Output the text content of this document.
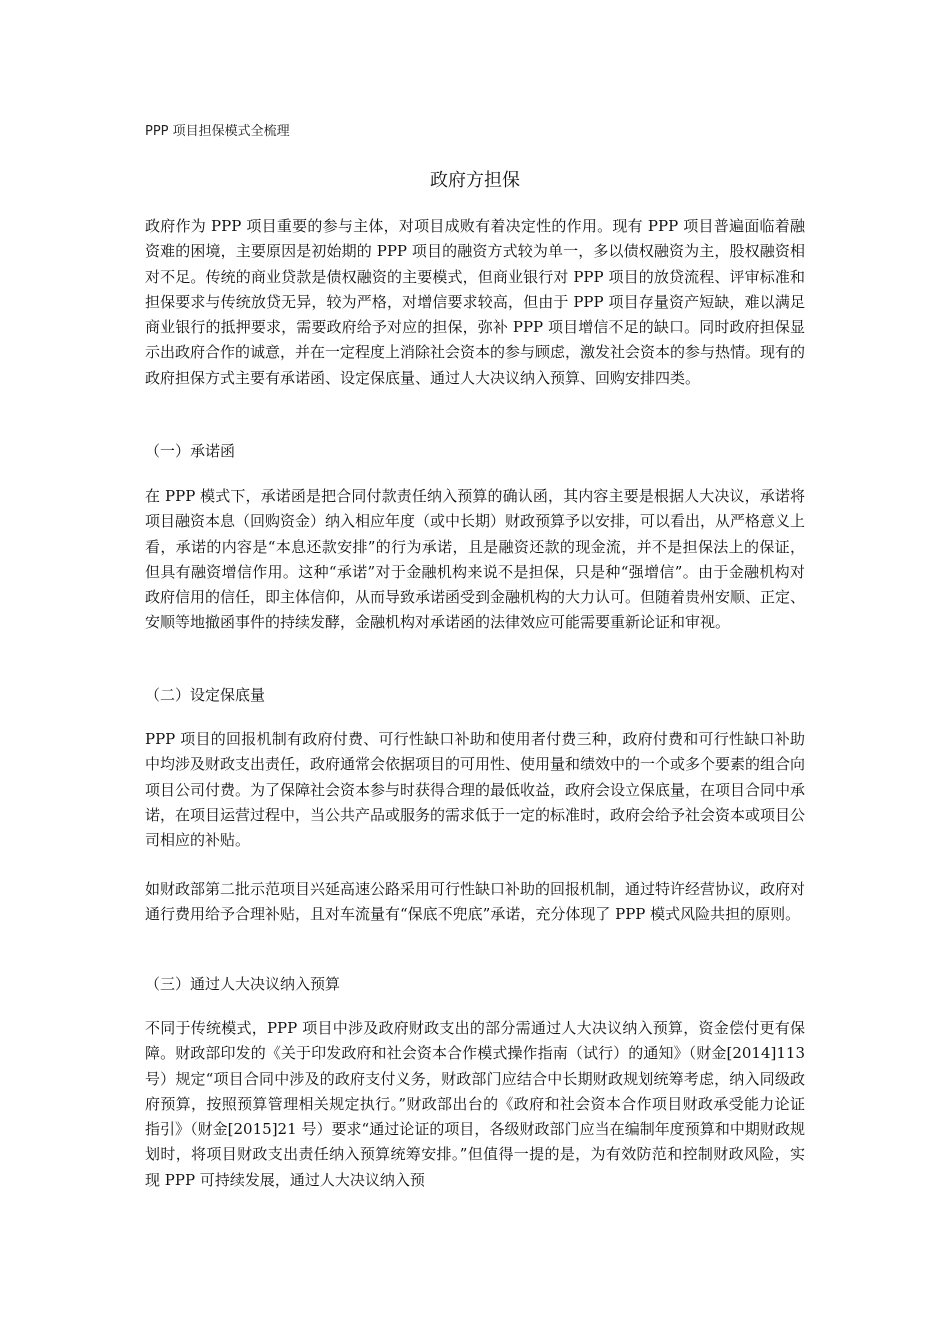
PPP 项目担保模式全梳理

政府方担保

政府作为 PPP 项目重要的参与主体，对项目成败有着决定性的作用。现有 PPP 项目普遍面临着融资难的困境，主要原因是初始期的 PPP 项目的融资方式较为单一，多以债权融资为主，股权融资相对不足。传统的商业贷款是债权融资的主要模式，但商业银行对 PPP 项目的放贷流程、评审标准和担保要求与传统放贷无异，较为严格，对增信要求较高，但由于 PPP 项目存量资产短缺，难以满足商业银行的抵押要求，需要政府给予对应的担保，弥补 PPP 项目增信不足的缺口。同时政府担保显示出政府合作的诚意，并在一定程度上消除社会资本的参与顾虑，激发社会资本的参与热情。现有的政府担保方式主要有承诺函、设定保底量、通过人大决议纳入预算、回购安排四类。

（一）承诺函

在 PPP 模式下，承诺函是把合同付款责任纳入预算的确认函，其内容主要是根据人大决议，承诺将项目融资本息（回购资金）纳入相应年度（或中长期）财政预算予以安排，可以看出，从严格意义上看，承诺的内容是“本息还款安排”的行为承诺，且是融资还款的现金流，并不是担保法上的保证，但具有融资增信作用。这种“承诺”对于金融机构来说不是担保，只是种“强增信”。由于金融机构对政府信用的信任，即主体信仰，从而导致承诺函受到金融机构的大力认可。但随着贵州安顺、正定、安顺等地撤函事件的持续发酵，金融机构对承诺函的法律效应可能需要重新论证和审视。

（二）设定保底量

PPP 项目的回报机制有政府付费、可行性缺口补助和使用者付费三种，政府付费和可行性缺口补助中均涉及财政支出责任，政府通常会依据项目的可用性、使用量和绩效中的一个或多个要素的组合向项目公司付费。为了保障社会资本参与时获得合理的最低收益，政府会设立保底量，在项目合同中承诺，在项目运营过程中，当公共产品或服务的需求低于一定的标准时，政府会给予社会资本或项目公司相应的补贴。

如财政部第二批示范项目兴延高速公路采用可行性缺口补助的回报机制，通过特许经营协议，政府对通行费用给予合理补贴，且对车流量有“保底不兜底”承诺，充分体现了 PPP 模式风险共担的原则。

（三）通过人大决议纳入预算

不同于传统模式，PPP 项目中涉及政府财政支出的部分需通过人大决议纳入预算，资金偿付更有保障。财政部印发的《关于印发政府和社会资本合作模式操作指南（试行）的通知》（财金[2014]113 号）规定“项目合同中涉及的政府支付义务，财政部门应结合中长期财政规划统筹考虑，纳入同级政府预算，按照预算管理相关规定执行。”财政部出台的《政府和社会资本合作项目财政承受能力论证指引》（财金[2015]21 号）要求“通过论证的项目，各级财政部门应当在编制年度预算和中期财政规划时，将项目财政支出责任纳入预算统筹安排。”但值得一提的是，为有效防范和控制财政风险，实现 PPP 可持续发展，通过人大决议纳入预
